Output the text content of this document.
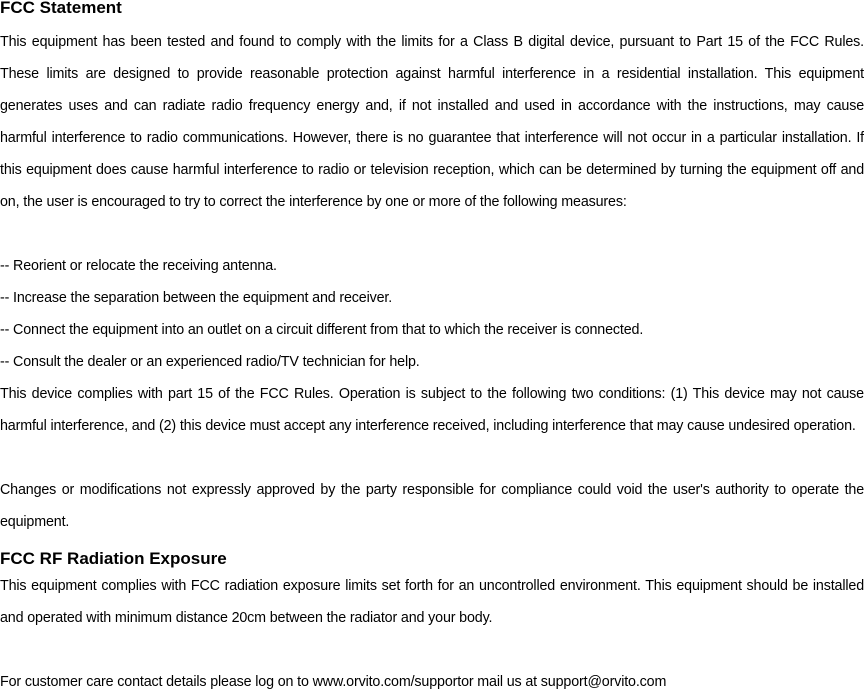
FCC Statement

This equipment has been tested and found to comply with the limits for a Class B digital device, pursuant to Part 15 of the FCC Rules. These limits are designed to provide reasonable protection against harmful interference in a residential installation. This equipment generates uses and can radiate radio frequency energy and, if not installed and used in accordance with the instructions, may cause harmful interference to radio communications. However, there is no guarantee that interference will not occur in a particular installation. If this equipment does cause harmful interference to radio or television reception, which can be determined by turning the equipment off and on, the user is encouraged to try to correct the interference by one or more of the following measures:

-- Reorient or relocate the receiving antenna.
-- Increase the separation between the equipment and receiver.
-- Connect the equipment into an outlet on a circuit different from that to which the receiver is connected.
-- Consult the dealer or an experienced radio/TV technician for help.

This device complies with part 15 of the FCC Rules. Operation is subject to the following two conditions: (1) This device may not cause harmful interference, and (2) this device must accept any interference received, including interference that may cause undesired operation.

Changes or modifications not expressly approved by the party responsible for compliance could void the user's authority to operate the equipment.

FCC RF Radiation Exposure

This equipment complies with FCC radiation exposure limits set forth for an uncontrolled environment. This equipment should be installed and operated with minimum distance 20cm between the radiator and your body.

For customer care contact details please log on to www.orvito.com/supportor mail us at support@orvito.com
